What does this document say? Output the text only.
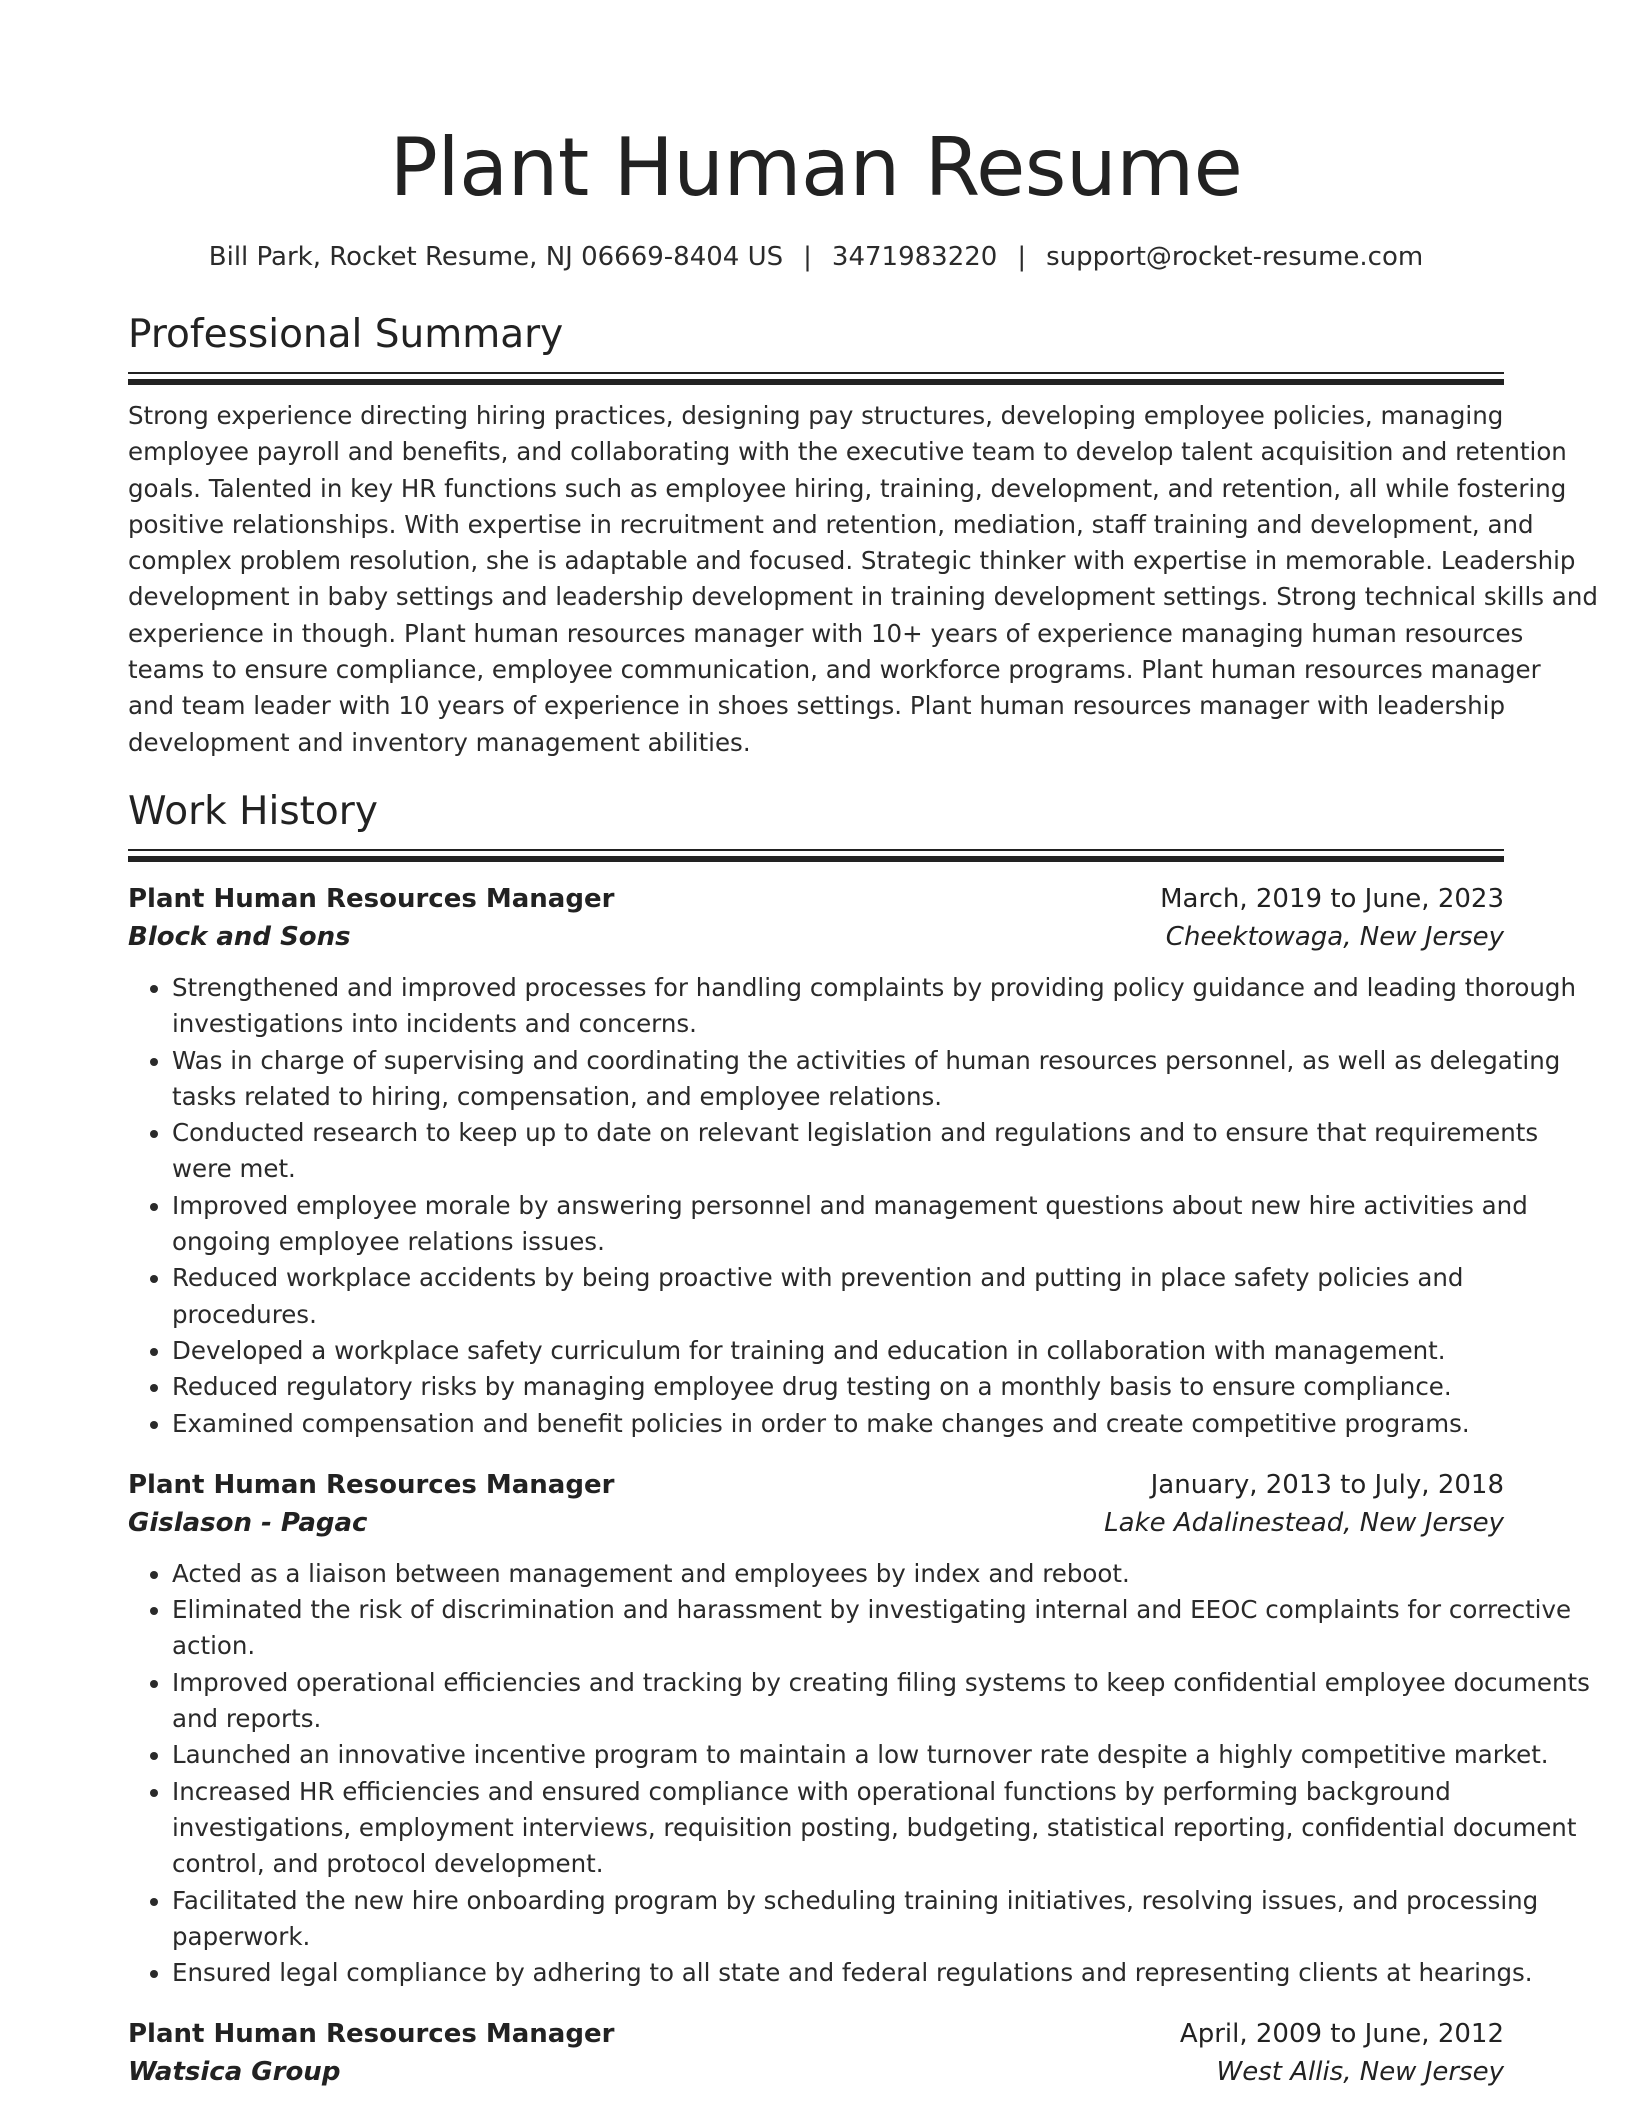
Plant Human Resume
Bill Park, Rocket Resume, NJ 06669-8404 US | 3471983220 | support@rocket-resume.com
Professional Summary
Strong experience directing hiring practices, designing pay structures, developing employee policies, managing
employee payroll and benefits, and collaborating with the executive team to develop talent acquisition and retention
goals. Talented in key HR functions such as employee hiring, training, development, and retention, all while fostering
positive relationships. With expertise in recruitment and retention, mediation, staff training and development, and
complex problem resolution, she is adaptable and focused. Strategic thinker with expertise in memorable. Leadership
development in baby settings and leadership development in training development settings. Strong technical skills and
experience in though. Plant human resources manager with 10+ years of experience managing human resources
teams to ensure compliance, employee communication, and workforce programs. Plant human resources manager
and team leader with 10 years of experience in shoes settings. Plant human resources manager with leadership
development and inventory management abilities.
Work History
Plant Human Resources Manager	March, 2019 to June, 2023
Block and Sons	Cheektowaga, New Jersey
• Strengthened and improved processes for handling complaints by providing policy guidance and leading thorough
investigations into incidents and concerns.
• Was in charge of supervising and coordinating the activities of human resources personnel, as well as delegating
tasks related to hiring, compensation, and employee relations.
• Conducted research to keep up to date on relevant legislation and regulations and to ensure that requirements
were met.
• Improved employee morale by answering personnel and management questions about new hire activities and
ongoing employee relations issues.
• Reduced workplace accidents by being proactive with prevention and putting in place safety policies and
procedures.
• Developed a workplace safety curriculum for training and education in collaboration with management.
• Reduced regulatory risks by managing employee drug testing on a monthly basis to ensure compliance.
• Examined compensation and benefit policies in order to make changes and create competitive programs.
Plant Human Resources Manager	January, 2013 to July, 2018
Gislason - Pagac	Lake Adalinestead, New Jersey
• Acted as a liaison between management and employees by index and reboot.
• Eliminated the risk of discrimination and harassment by investigating internal and EEOC complaints for corrective
action.
• Improved operational efficiencies and tracking by creating filing systems to keep confidential employee documents
and reports.
• Launched an innovative incentive program to maintain a low turnover rate despite a highly competitive market.
• Increased HR efficiencies and ensured compliance with operational functions by performing background
investigations, employment interviews, requisition posting, budgeting, statistical reporting, confidential document
control, and protocol development.
• Facilitated the new hire onboarding program by scheduling training initiatives, resolving issues, and processing
paperwork.
• Ensured legal compliance by adhering to all state and federal regulations and representing clients at hearings.
Plant Human Resources Manager	April, 2009 to June, 2012
Watsica Group	West Allis, New Jersey
